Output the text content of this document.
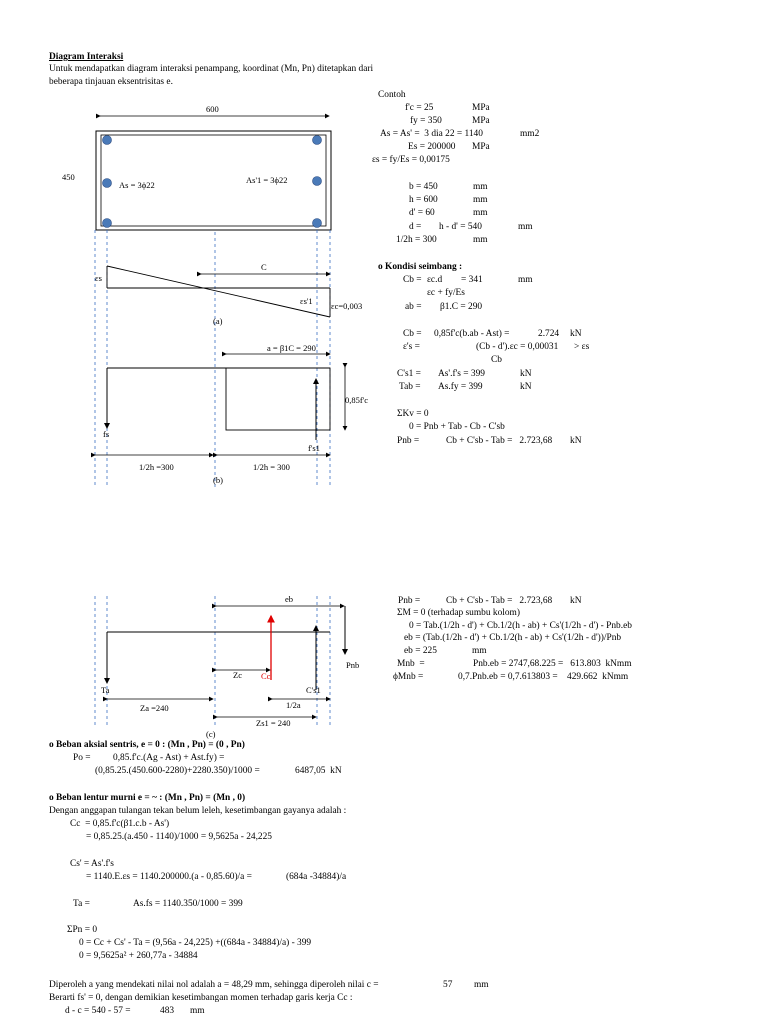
Diagram Interaksi
Untuk mendapatkan diagram interaksi penampang, koordinat (Mn, Pn) ditetapkan dari
beberapa tinjauan eksentrisitas e.
Contoh
f'c = 25	MPa
fy = 350	MPa
As = As' =  3 dia 22 = 1140	mm2
Es = 200000 MPa
εs = fy/Es = 0,00175
b = 450	mm
h = 600	mm
d' = 60	mm
d = h - d' = 540	mm
1/2h = 300	mm
o Kondisi seimbang :
Cb = εc.d = 341	mm
εc + fy/Es
ab = β1.C = 290
Cb = 0,85f'c(b.ab - Ast) =	2.724 kN
ε's =	(Cb - d').εc = 0,00031 > εs
Cb
C's1 = As'.f's = 399	kN
Tab = As.fy = 399	kN
ΣKv = 0
0 = Pnb + Tab - Cb - C'sb
Pnb =	Cb + C'sb - Tab =   2.723,68 kN
Pnb =	Cb + C'sb - Tab =   2.723,68 kN
ΣM = 0 (terhadap sumbu kolom)
0 = Tab.(1/2h - d') + Cb.1/2(h - ab) + Cs'(1/2h - d') - Pnb.eb
eb = (Tab.(1/2h - d') + Cb.1/2(h - ab) + Cs'(1/2h - d'))/Pnb
eb = 225	mm
Mnb  =	Pnb.eb = 2747,68.225 =   613.803  kNmm
ϕMnb =	0,7.Pnb.eb = 0,7.613803 =    429.662  kNmm
o Beban aksial sentris, e = 0 : (Mn , Pn) = (0 , Pn)
Po = 0,85.f'c.(Ag - Ast) + Ast.fy) =
(0,85.25.(450.600-2280)+2280.350)/1000 =	6487,05  kN
o Beban lentur murni e = ~ : (Mn , Pn) = (Mn , 0)
Dengan anggapan tulangan tekan belum leleh, kesetimbangan gayanya adalah :
Cc  = 0,85.f'c(β1.c.b - As')
= 0,85.25.(a.450 - 1140)/1000 = 9,5625a - 24,225
Cs' = As'.f's
= 1140.E.εs = 1140.200000.(a - 0,85.60)/a =	(684a -34884)/a
Ta =	As.fs = 1140.350/1000 = 399
ΣPn = 0
0 = Cc + Cs' - Ta = (9,56a - 24,225) +((684a - 34884)/a) - 399
0 = 9,5625a² + 260,77a - 34884
Diperoleh a yang mendekati nilai nol adalah a = 48,29 mm, sehingga diperoleh nilai c =	57 mm
Berarti fs' = 0, dengan demikian kesetimbangan momen terhadap garis kerja Cc :
d - c = 540 - 57 =	483 mm
600
450
As = 3ϕ22	As'1 = 3ϕ22
C
εs
εs'1 εc=0,003
(a)
a = β1C = 290
0,85f'c
fs
f's1
1/2h =300	1/2h = 300
(b)
eb
Pnb
Ta
Cc
C's1
Zc
1/2a
Za =240
Zs1 = 240
(c)
